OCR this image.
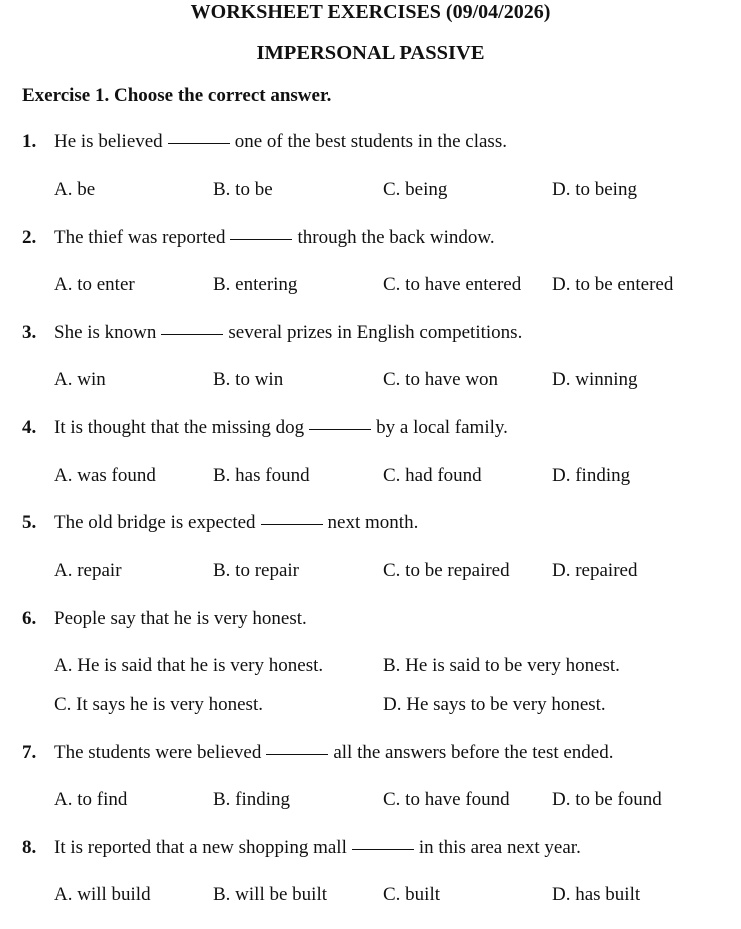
WORKSHEET EXERCISES (09/04/2026)
IMPERSONAL PASSIVE
Exercise 1. Choose the correct answer.
1. He is believed	one of the best students in the class.
A. be	B. to be	C. being	D. to being
2. The thief was reported	through the back window.
A. to enter	B. entering	C. to have entered D. to be entered
3. She is known	several prizes in English competitions.
A. win	B. to win	C. to have won	D. winning
4. It is thought that the missing dog	by a local family.
A. was found	B. has found	C. had found	D. finding
5. The old bridge is expected	next month.
A. repair	B. to repair	C. to be repaired D. repaired
6. People say that he is very honest.
A. He is said that he is very honest.	B. He is said to be very honest.
C. It says he is very honest.	D. He says to be very honest.
7. The students were believed	all the answers before the test ended.
A. to find	B. finding	C. to have found D. to be found
8. It is reported that a new shopping mall	in this area next year.
A. will build	B. will be built	C. built	D. has built
